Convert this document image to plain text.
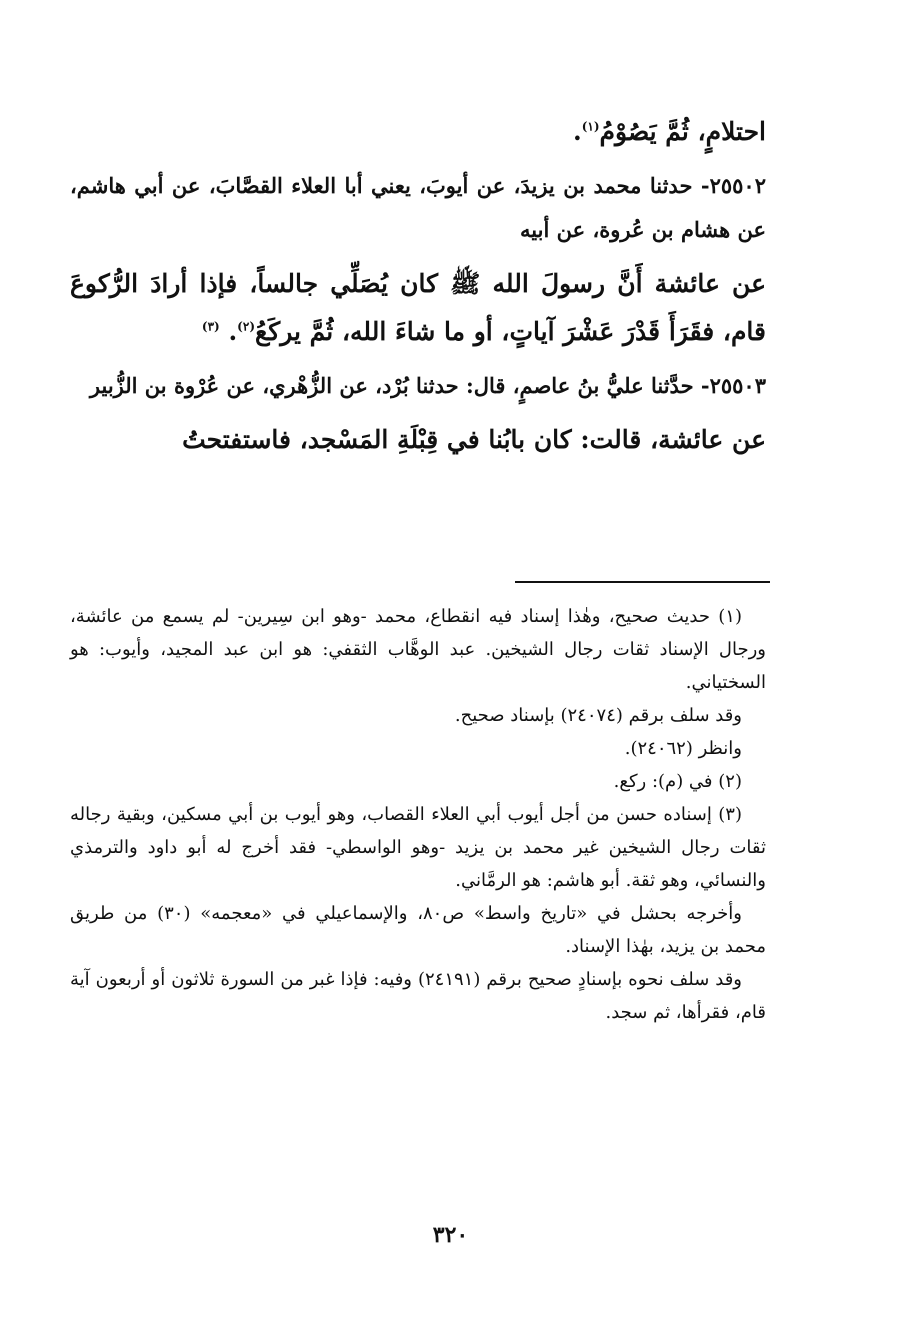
احتلامٍ، ثُمَّ يَصُوْمُ$^{(١)}$.

٢٥٥٠٢- حدثنا محمد بن يزيدَ، عن أيوبَ، يعني أبا العلاء القصَّابَ، عن أبي هاشم، عن هشام بن عُروة، عن أبيه

عن عائشة أَنَّ رسولَ الله ﷺ كان يُصَلِّي جالساً، فإذا أرادَ الرُّكوعَ قام، فقَرَأَ قَدْرَ عَشْرَ آياتٍ، أو ما شاءَ الله، ثُمَّ يركَعُ$^{(٢)}$. $^{(٣)}$

٢٥٥٠٣- حدَّثنا عليُّ بنُ عاصمٍ، قال: حدثنا بُرْد، عن الزُّهْري، عن عُرْوة بن الزُّبير

عن عائشة، قالت: كان بابُنا في قِبْلَةِ المَسْجد، فاستفتحتُ

(١) حديث صحيح، وهٰذا إسناد فيه انقطاع، محمد -وهو ابن سِيرين- لم يسمع من عائشة، ورجال الإسناد ثقات رجال الشيخين. عبد الوهَّاب الثقفي: هو ابن عبد المجيد، وأيوب: هو السختياني.

وقد سلف برقم (٢٤٠٧٤) بإسناد صحيح.

وانظر (٢٤٠٦٢).

(٢) في (م): ركع.

(٣) إسناده حسن من أجل أيوب أبي العلاء القصاب، وهو أيوب بن أبي مسكين، وبقية رجاله ثقات رجال الشيخين غير محمد بن يزيد -وهو الواسطي- فقد أخرج له أبو داود والترمذي والنسائي، وهو ثقة. أبو هاشم: هو الرمَّاني.

وأخرجه بحشل في «تاريخ واسط» ص٨٠، والإسماعيلي في «معجمه» (٣٠) من طريق محمد بن يزيد، بهٰذا الإسناد.

وقد سلف نحوه بإسنادٍ صحيح برقم (٢٤١٩١) وفيه: فإذا غبر من السورة ثلاثون أو أربعون آية قام، فقرأها، ثم سجد.

٣٢٠
